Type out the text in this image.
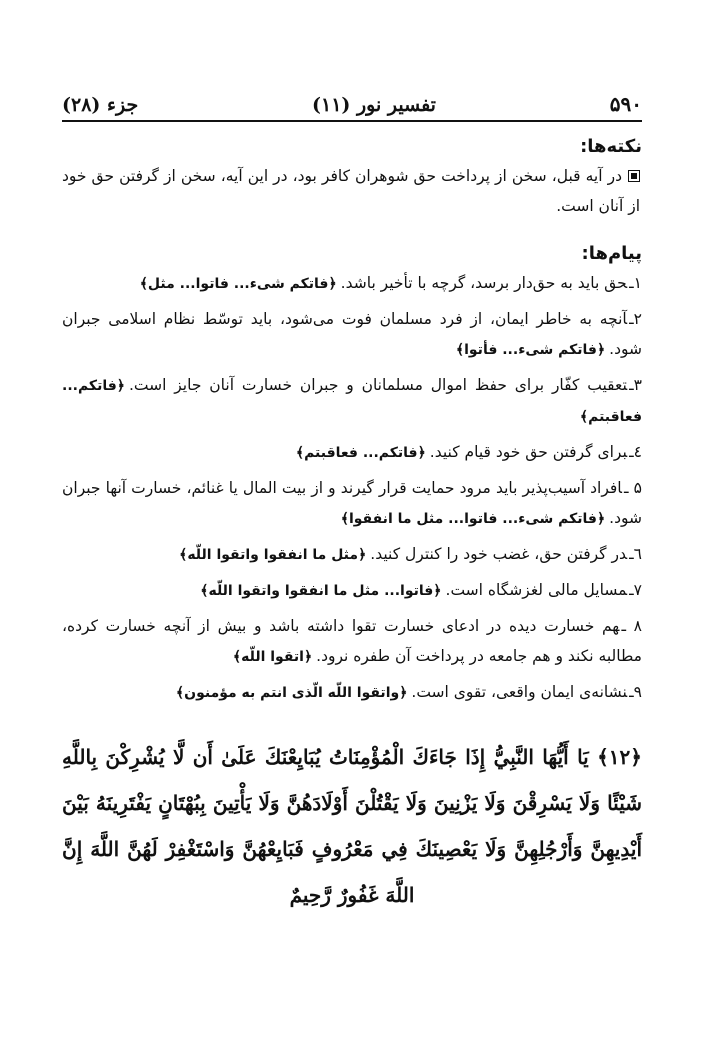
۵۹۰
تفسیر نور (۱۱)
جزء (۲۸)
نکته‌ها:
در آیه قبل، سخن از پرداخت حق شوهران کافر بود، در این آیه، سخن از گرفتن حق خود از آنان است.
پیام‌ها:
۱ـحق باید به حق‌دار برسد، گرچه با تأخیر باشد.﴿فاتکم شیء... فاتوا... مثل﴾
۲ـآنچه به خاطر ایمان، از فرد مسلمان فوت می‌شود، باید توسّط نظام اسلامی جبران شود.﴿فاتکم شیء... فأتوا﴾
۳ـتعقیب کفّار برای حفظ اموال مسلمانان و جبران خسارت آنان جایز است.﴿فاتکم... فعاقبتم﴾
٤ـبرای گرفتن حق خود قیام کنید.﴿فاتکم... فعاقبتم﴾
۵ ـافراد آسیب‌پذیر باید مرود حمایت قرار گیرند و از بیت المال یا غنائم، خسارت آنها جبران شود.﴿فاتکم شیء... فاتوا... مثل ما انفقوا﴾
٦ـدر گرفتن حق، غضب خود را کنترل کنید.﴿مثل ما انفقوا واتقوا اللّه﴾
۷ـمسایل مالی لغزشگاه است.﴿فاتوا... مثل ما انفقوا واتقوا اللّه﴾
۸ ـهم خسارت دیده در ادعای خسارت تقوا داشته باشد و بیش از آنچه خسارت کرده، مطالبه نکند و هم جامعه در پرداخت آن طفره نرود.﴿اتقوا اللّه﴾
۹ـنشانه‌ی ایمان واقعی، تقوی است.﴿واتقوا اللّه الّذی انتم به مؤمنون﴾
﴿۱۲﴾ يَا أَيُّهَا النَّبِيُّ إِذَا جَاءَكَ الْمُؤْمِنَاتُ يُبَايِعْنَكَ عَلَىٰ أَن لَّا يُشْرِكْنَ بِاللَّهِ شَيْئًا وَلَا يَسْرِقْنَ وَلَا يَزْنِينَ وَلَا يَقْتُلْنَ أَوْلَادَهُنَّ وَلَا يَأْتِينَ بِبُهْتَانٍ يَفْتَرِينَهُ بَيْنَ أَيْدِيهِنَّ وَأَرْجُلِهِنَّ وَلَا يَعْصِينَكَ فِي مَعْرُوفٍ فَبَايِعْهُنَّ وَاسْتَغْفِرْ لَهُنَّ اللَّهَ إِنَّ اللَّهَ غَفُورٌ رَّحِيمٌ
